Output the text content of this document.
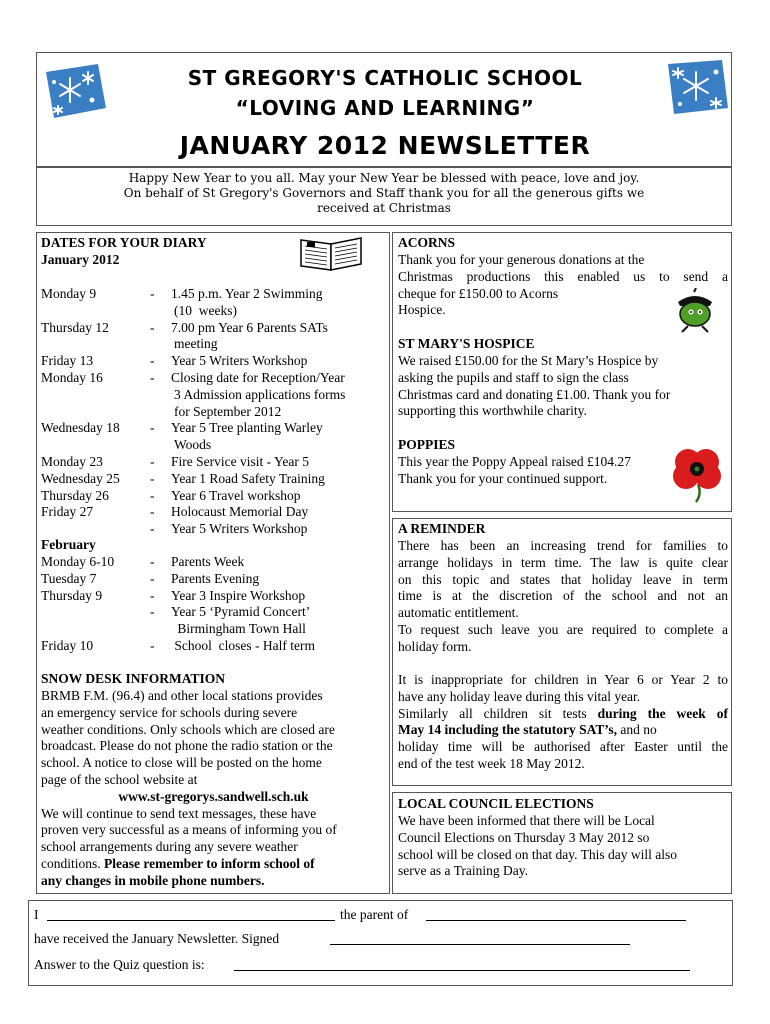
ST GREGORY'S CATHOLIC SCHOOL
“LOVING AND LEARNING”
JANUARY 2012 NEWSLETTER
Happy New Year to you all. May your New Year be blessed with peace, love and joy.
On behalf of St Gregory's Governors and Staff thank you for all the generous gifts we
received at Christmas
DATES FOR YOUR DIARY
January 2012
Monday 9	- 1.45 p.m. Year 2 Swimming
(10  weeks)
Thursday 12	- 7.00 pm Year 6 Parents SATs
meeting
Friday 13	- Year 5 Writers Workshop
Monday 16	- Closing date for Reception/Year
3 Admission applications forms
for September 2012
Wednesday 18 - Year 5 Tree planting Warley
Woods
Monday 23	- Fire Service visit - Year 5
Wednesday 25 - Year 1 Road Safety Training
Thursday 26	- Year 6 Travel workshop
Friday 27	- Holocaust Memorial Day
- Year 5 Writers Workshop
February
Monday 6-10	- Parents Week
Tuesday 7	- Parents Evening
Thursday 9	- Year 3 Inspire Workshop
- Year 5 ‘Pyramid Concert’
Birmingham Town Hall
Friday 10	- School  closes - Half term
SNOW DESK INFORMATION
BRMB F.M. (96.4) and other local stations provides
an emergency service for schools during severe
weather conditions. Only schools which are closed are
broadcast. Please do not phone the radio station or the
school. A notice to close will be posted on the home
page of the school website at
www.st-gregorys.sandwell.sch.uk
We will continue to send text messages, these have
proven very successful as a means of informing you of
school arrangements during any severe weather
conditions. Please remember to inform school of
any changes in mobile phone numbers.
ACORNS
Thank you for your generous donations at the
Christmas productions this enabled us to send a
cheque for £150.00 to Acorns
Hospice.
ST MARY'S HOSPICE
We raised £150.00 for the St Mary’s Hospice by
asking the pupils and staff to sign the class
Christmas card and donating £1.00. Thank you for
supporting this worthwhile charity.
POPPIES
This year the Poppy Appeal raised £104.27
Thank you for your continued support.
A REMINDER
There has been an increasing trend for families to
arrange holidays in term time. The law is quite clear
on this topic and states that holiday leave in term
time is at the discretion of the school and not an
automatic entitlement.
To request such leave you are required to complete a
holiday form.
It is inappropriate for children in Year 6 or Year 2 to
have any holiday leave during this vital year.
Similarly all children sit tests during the week of
May 14 including the statutory SAT’s, and no
holiday time will be authorised after Easter until the
end of the test week 18 May 2012.
LOCAL COUNCIL ELECTIONS
We have been informed that there will be Local
Council Elections on Thursday 3 May 2012 so
school will be closed on that day. This day will also
serve as a Training Day.
I	the parent of
have received the January Newsletter. Signed
Answer to the Quiz question is:
